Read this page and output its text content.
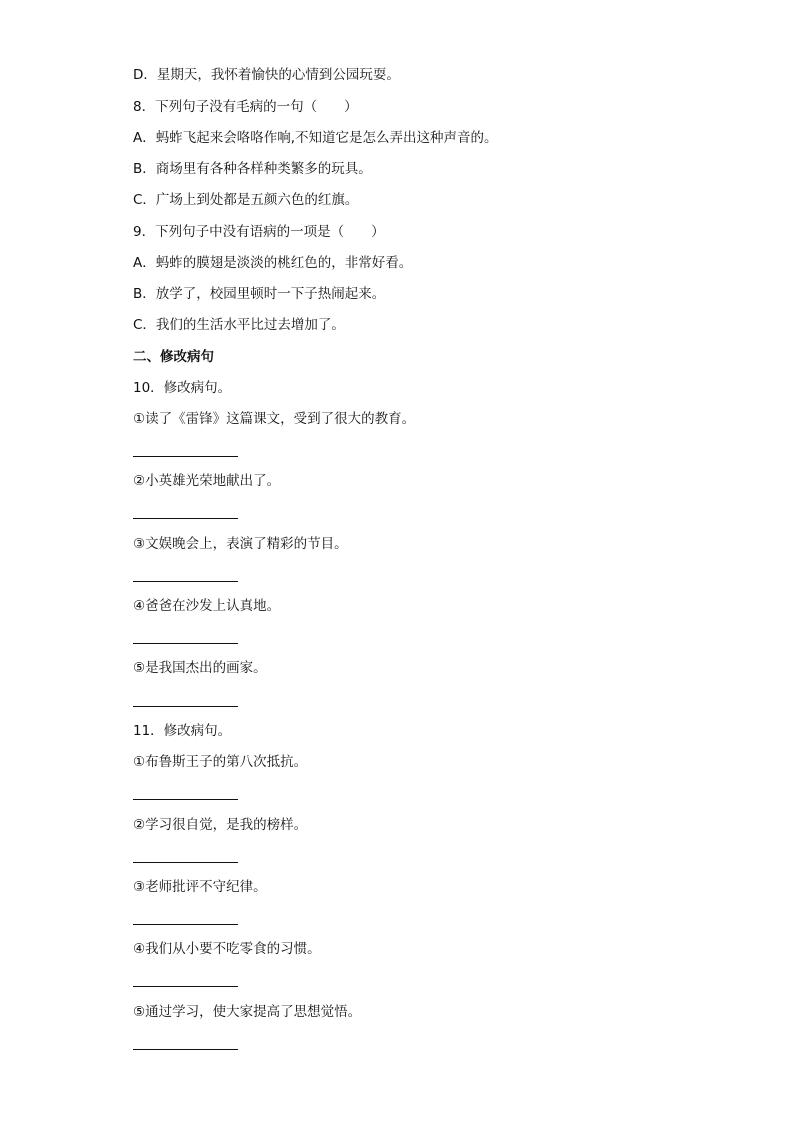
D．星期天，我怀着愉快的心情到公园玩耍。
8．下列句子没有毛病的一句（　　）
A．蚂蚱飞起来会咯咯作响,不知道它是怎么弄出这种声音的。
B．商场里有各种各样种类繁多的玩具。
C．广场上到处都是五颜六色的红旗。
9．下列句子中没有语病的一项是（　　）
A．蚂蚱的膜翅是淡淡的桃红色的，非常好看。
B．放学了，校园里顿时一下子热闹起来。
C．我们的生活水平比过去增加了。
二、修改病句
10．修改病句。
①读了《雷锋》这篇课文，受到了很大的教育。
②小英雄光荣地献出了。
③文娱晚会上，表演了精彩的节目。
④爸爸在沙发上认真地。
⑤是我国杰出的画家。
11．修改病句。
①布鲁斯王子的第八次抵抗。
②学习很自觉，是我的榜样。
③老师批评不守纪律。
④我们从小要不吃零食的习惯。
⑤通过学习，使大家提高了思想觉悟。
